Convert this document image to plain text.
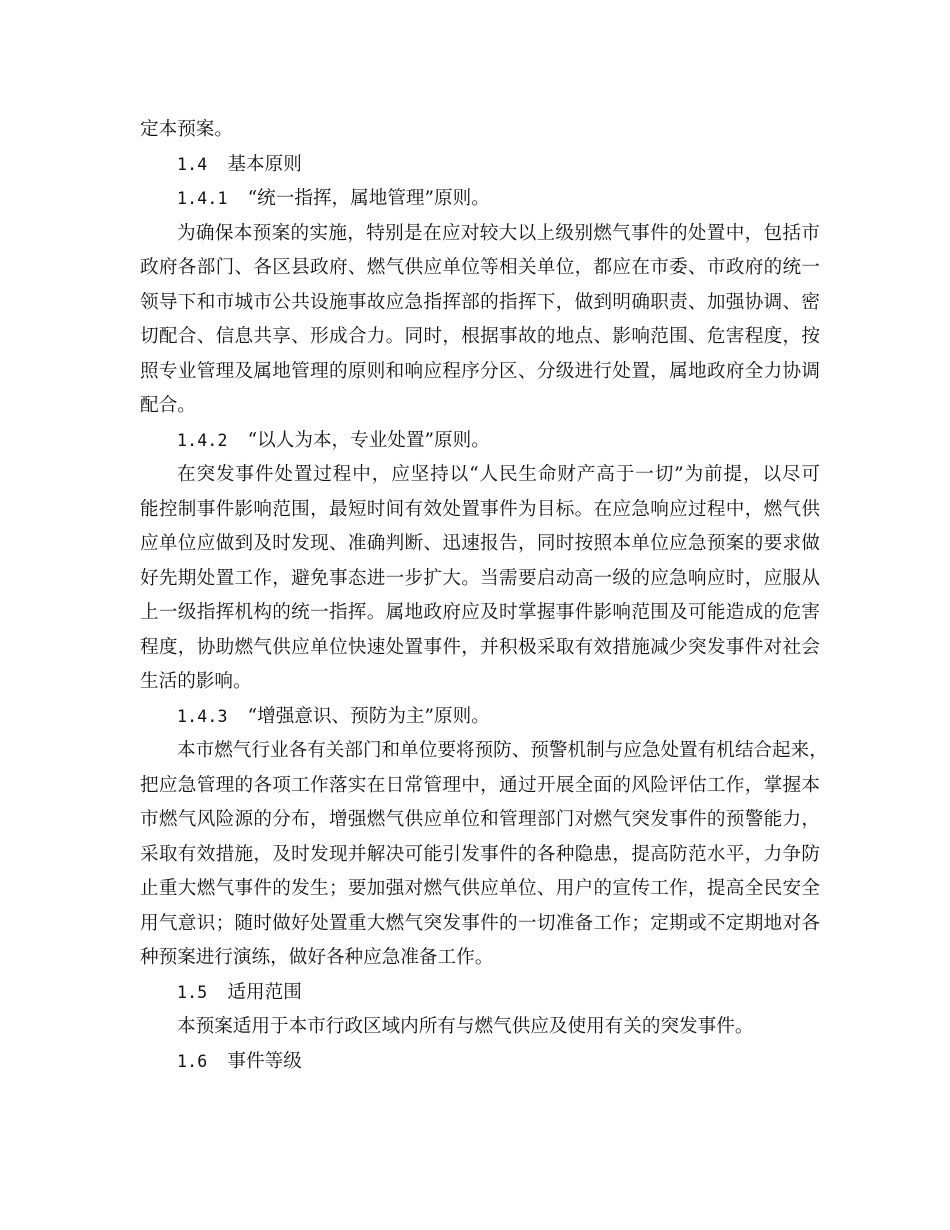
定本预案。
1.4 基本原则
1.4.1 “统一指挥，属地管理”原则。
为确保本预案的实施，特别是在应对较大以上级别燃气事件的处置中，包括市
政府各部门、各区县政府、燃气供应单位等相关单位，都应在市委、市政府的统一
领导下和市城市公共设施事故应急指挥部的指挥下，做到明确职责、加强协调、密
切配合、信息共享、形成合力。同时，根据事故的地点、影响范围、危害程度，按
照专业管理及属地管理的原则和响应程序分区、分级进行处置，属地政府全力协调
配合。
1.4.2 “以人为本，专业处置”原则。
在突发事件处置过程中，应坚持以“人民生命财产高于一切”为前提，以尽可
能控制事件影响范围，最短时间有效处置事件为目标。在应急响应过程中，燃气供
应单位应做到及时发现、准确判断、迅速报告，同时按照本单位应急预案的要求做
好先期处置工作，避免事态进一步扩大。当需要启动高一级的应急响应时，应服从
上一级指挥机构的统一指挥。属地政府应及时掌握事件影响范围及可能造成的危害
程度，协助燃气供应单位快速处置事件，并积极采取有效措施减少突发事件对社会
生活的影响。
1.4.3 “增强意识、预防为主”原则。
本市燃气行业各有关部门和单位要将预防、预警机制与应急处置有机结合起来，
把应急管理的各项工作落实在日常管理中，通过开展全面的风险评估工作，掌握本
市燃气风险源的分布，增强燃气供应单位和管理部门对燃气突发事件的预警能力，
采取有效措施，及时发现并解决可能引发事件的各种隐患，提高防范水平，力争防
止重大燃气事件的发生；要加强对燃气供应单位、用户的宣传工作，提高全民安全
用气意识；随时做好处置重大燃气突发事件的一切准备工作；定期或不定期地对各
种预案进行演练，做好各种应急准备工作。
1.5 适用范围
本预案适用于本市行政区域内所有与燃气供应及使用有关的突发事件。
1.6 事件等级
